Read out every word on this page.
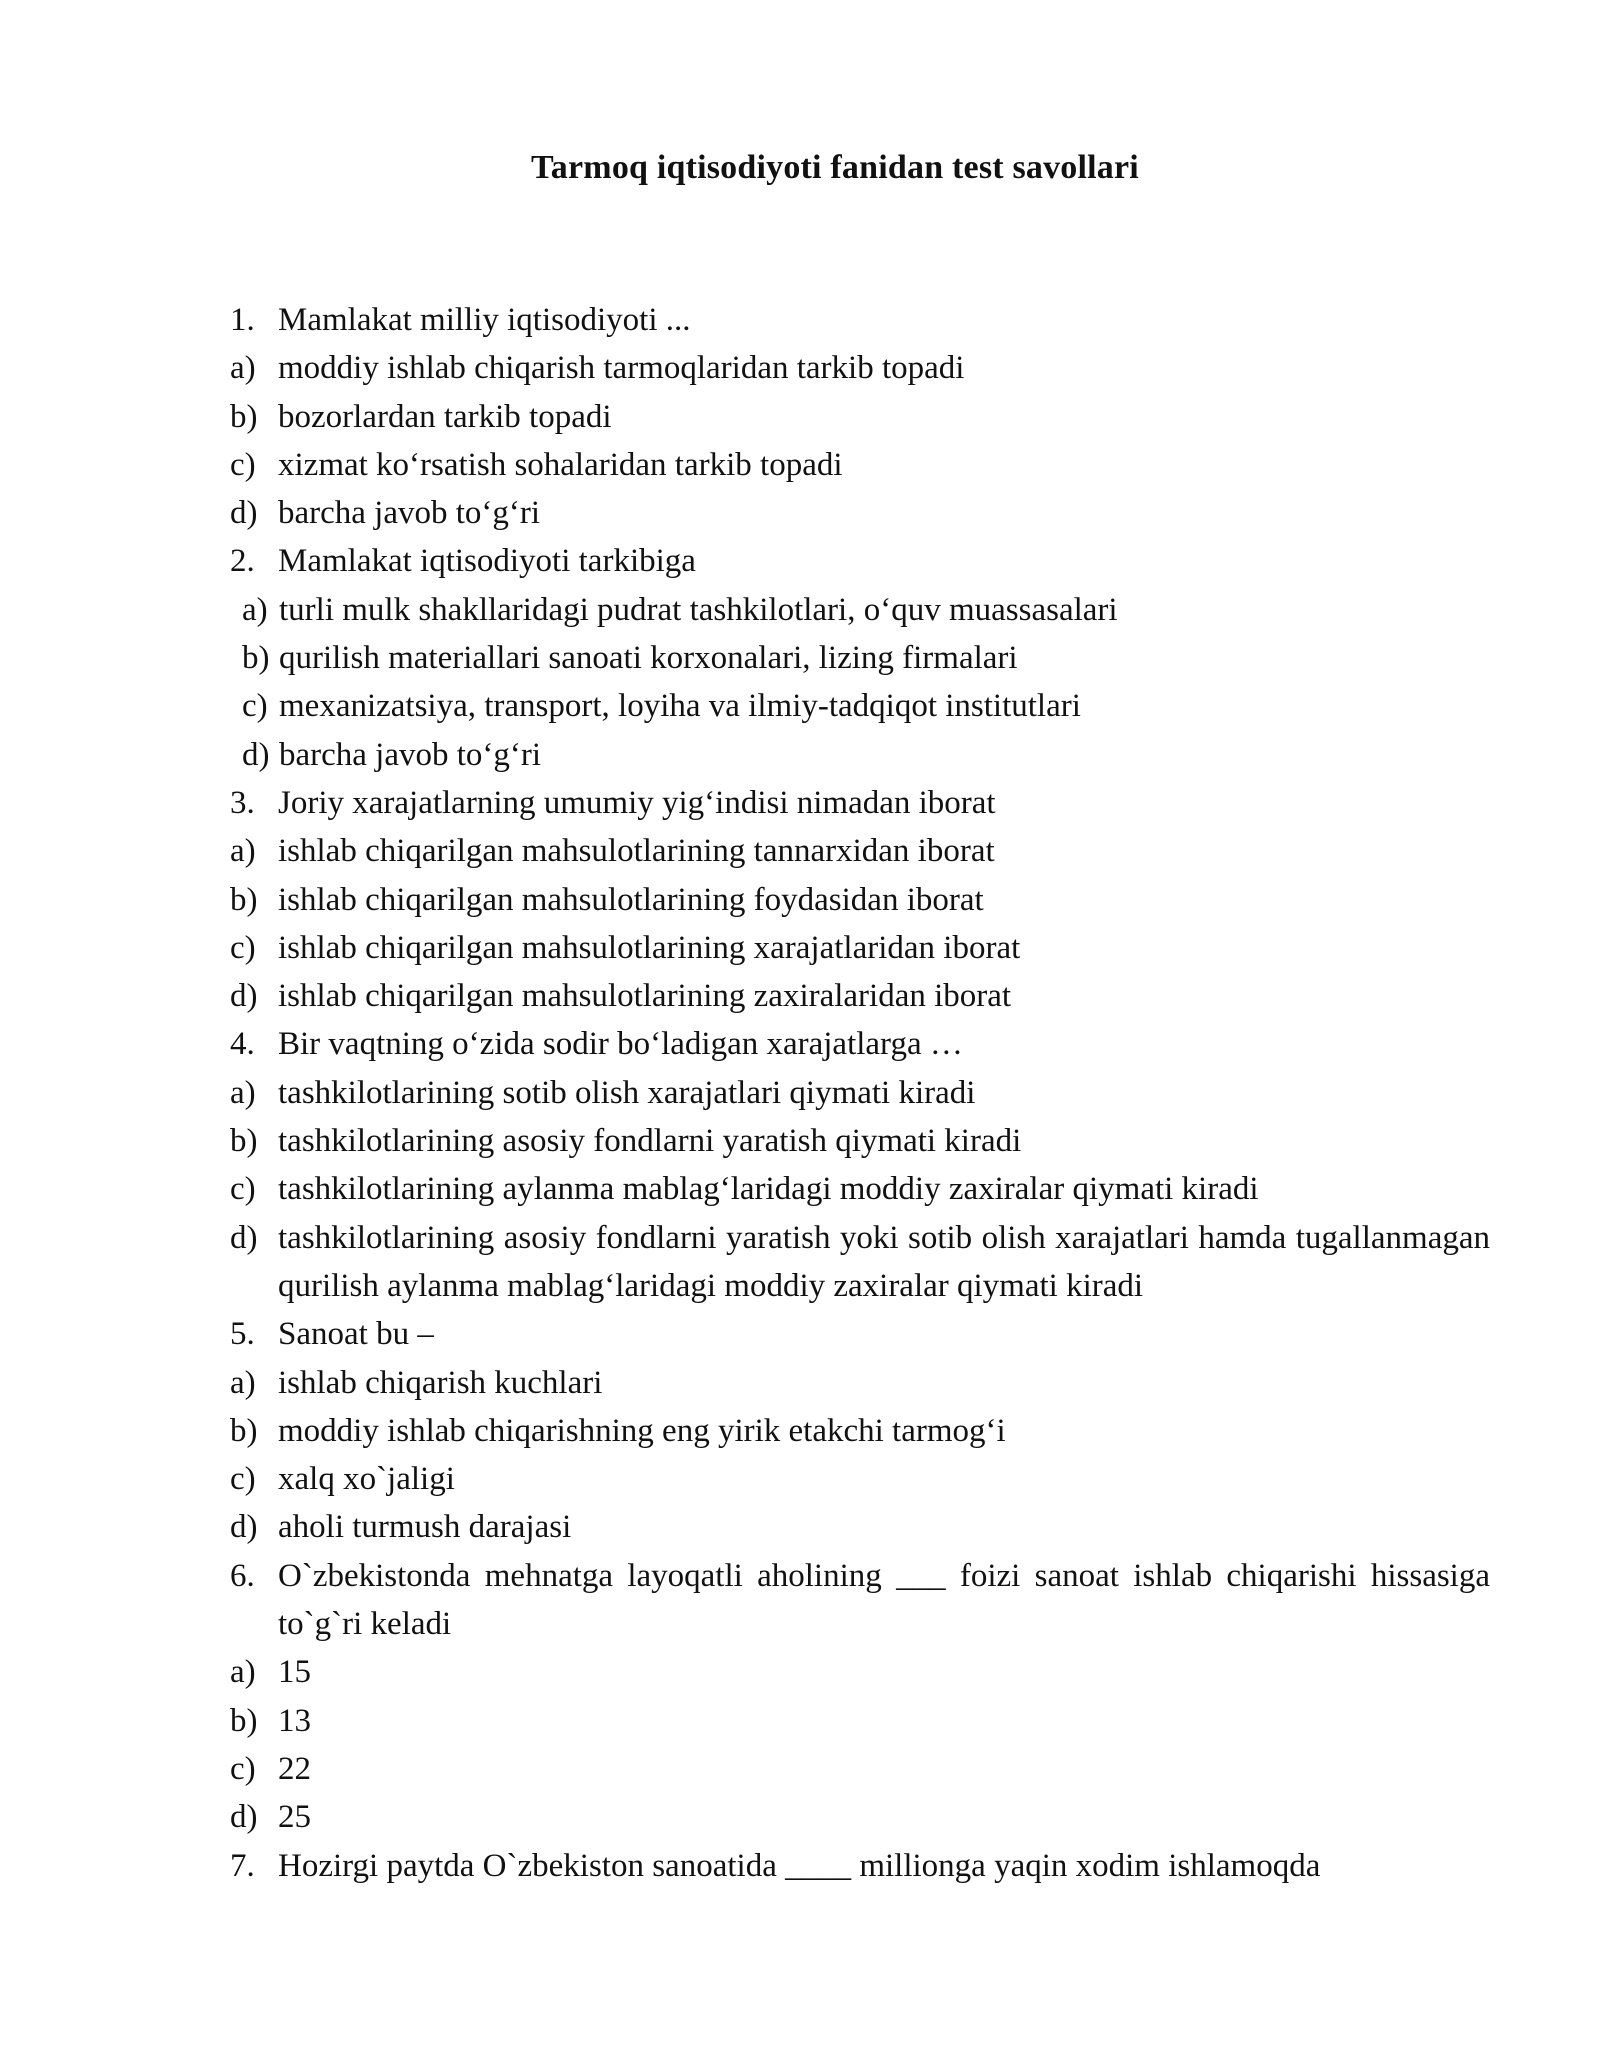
Tarmoq iqtisodiyoti fanidan test savollari
1. Mamlakat milliy iqtisodiyoti ...
a) moddiy ishlab chiqarish tarmoqlaridan tarkib topadi
b) bozorlardan tarkib topadi
c) xizmat ko‘rsatish sohalaridan tarkib topadi
d) barcha javob to‘g‘ri
2. Mamlakat iqtisodiyoti tarkibiga
a) turli mulk shakllaridagi pudrat tashkilotlari, o‘quv muassasalari
b) qurilish materiallari sanoati korxonalari, lizing firmalari
c) mexanizatsiya, transport, loyiha va ilmiy-tadqiqot institutlari
d) barcha javob to‘g‘ri
3. Joriy xarajatlarning umumiy yig‘indisi nimadan iborat
a) ishlab chiqarilgan mahsulotlarining tannarxidan iborat
b) ishlab chiqarilgan mahsulotlarining foydasidan iborat
c) ishlab chiqarilgan mahsulotlarining xarajatlaridan iborat
d) ishlab chiqarilgan mahsulotlarining zaxiralaridan iborat
4. Bir vaqtning o‘zida sodir bo‘ladigan xarajatlarga …
a) tashkilotlarining sotib olish xarajatlari qiymati kiradi
b) tashkilotlarining asosiy fondlarni yaratish qiymati kiradi
c) tashkilotlarining aylanma mablag‘laridagi moddiy zaxiralar qiymati kiradi
d) tashkilotlarining asosiy fondlarni yaratish yoki sotib olish xarajatlari hamda tugallanmagan qurilish aylanma mablag‘laridagi moddiy zaxiralar qiymati kiradi
5. Sanoat bu –
a) ishlab chiqarish kuchlari
b) moddiy ishlab chiqarishning eng yirik etakchi tarmog‘i
c) xalq xo`jaligi
d) aholi turmush darajasi
6. O`zbekistonda mehnatga layoqatli aholining ___ foizi sanoat ishlab chiqarishi hissasiga to`g`ri keladi
a) 15
b) 13
c) 22
d) 25
7. Hozirgi paytda O`zbekiston sanoatida ____ millionga yaqin xodim ishlamoqda
